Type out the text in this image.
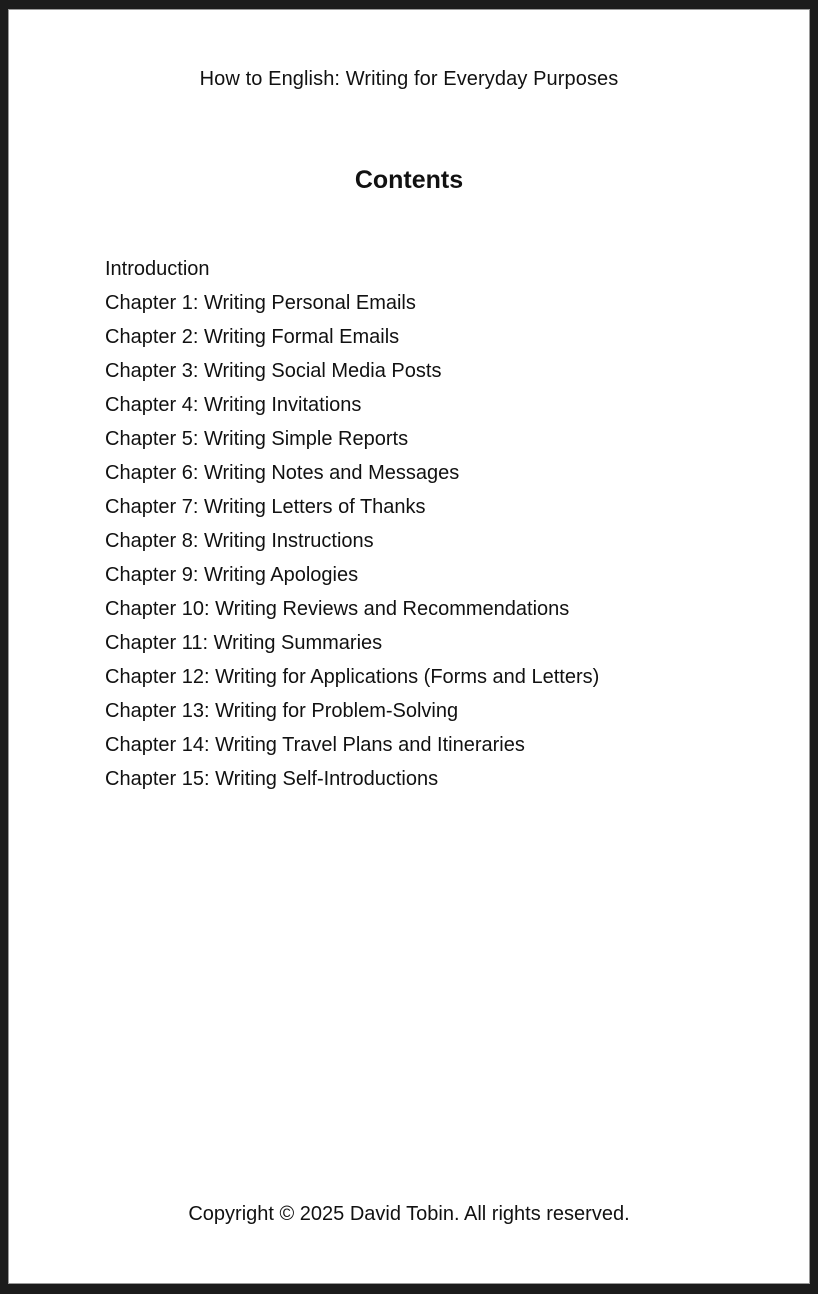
How to English: Writing for Everyday Purposes
Contents
Introduction
Chapter 1: Writing Personal Emails
Chapter 2: Writing Formal Emails
Chapter 3: Writing Social Media Posts
Chapter 4: Writing Invitations
Chapter 5: Writing Simple Reports
Chapter 6: Writing Notes and Messages
Chapter 7: Writing Letters of Thanks
Chapter 8: Writing Instructions
Chapter 9: Writing Apologies
Chapter 10: Writing Reviews and Recommendations
Chapter 11: Writing Summaries
Chapter 12: Writing for Applications (Forms and Letters)
Chapter 13: Writing for Problem-Solving
Chapter 14: Writing Travel Plans and Itineraries
Chapter 15: Writing Self-Introductions
Copyright © 2025 David Tobin. All rights reserved.
